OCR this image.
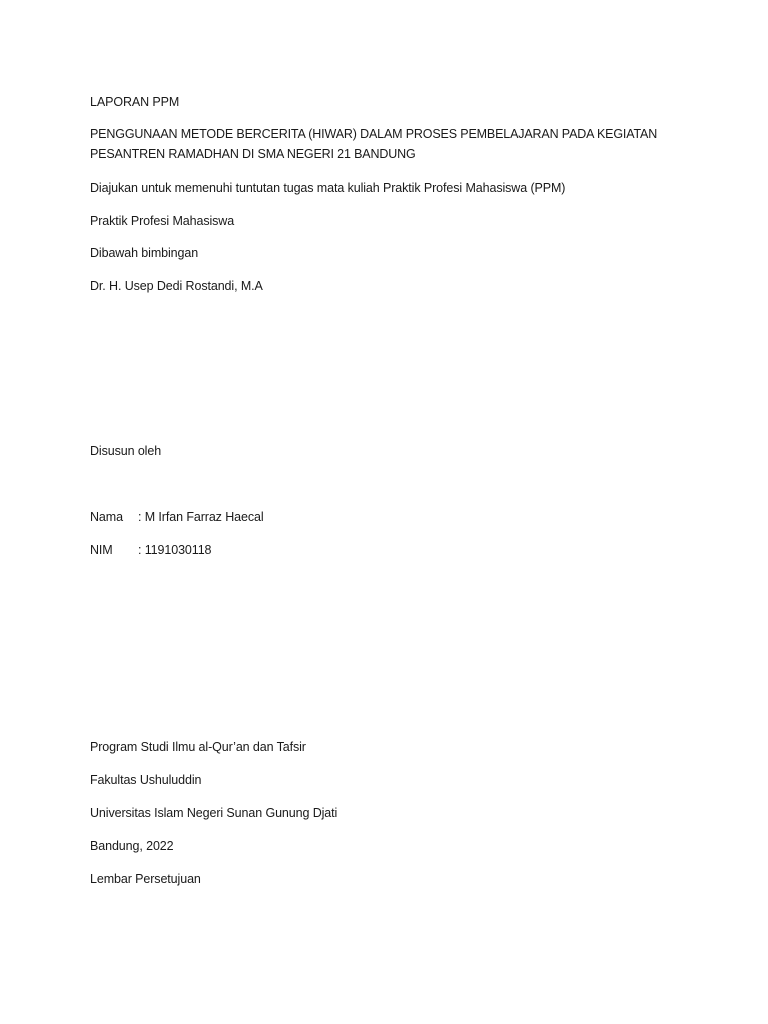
LAPORAN PPM
PENGGUNAAN METODE BERCERITA (HIWAR) DALAM PROSES PEMBELAJARAN PADA KEGIATAN
PESANTREN RAMADHAN DI SMA NEGERI 21 BANDUNG
Diajukan untuk memenuhi tuntutan tugas mata kuliah Praktik Profesi Mahasiswa (PPM)
Praktik Profesi Mahasiswa
Dibawah bimbingan
Dr. H. Usep Dedi Rostandi, M.A
Disusun oleh
Nama : M Irfan Farraz Haecal
NIM : 1191030118
Program Studi Ilmu al-Qur’an dan Tafsir
Fakultas Ushuluddin
Universitas Islam Negeri Sunan Gunung Djati
Bandung, 2022
Lembar Persetujuan
